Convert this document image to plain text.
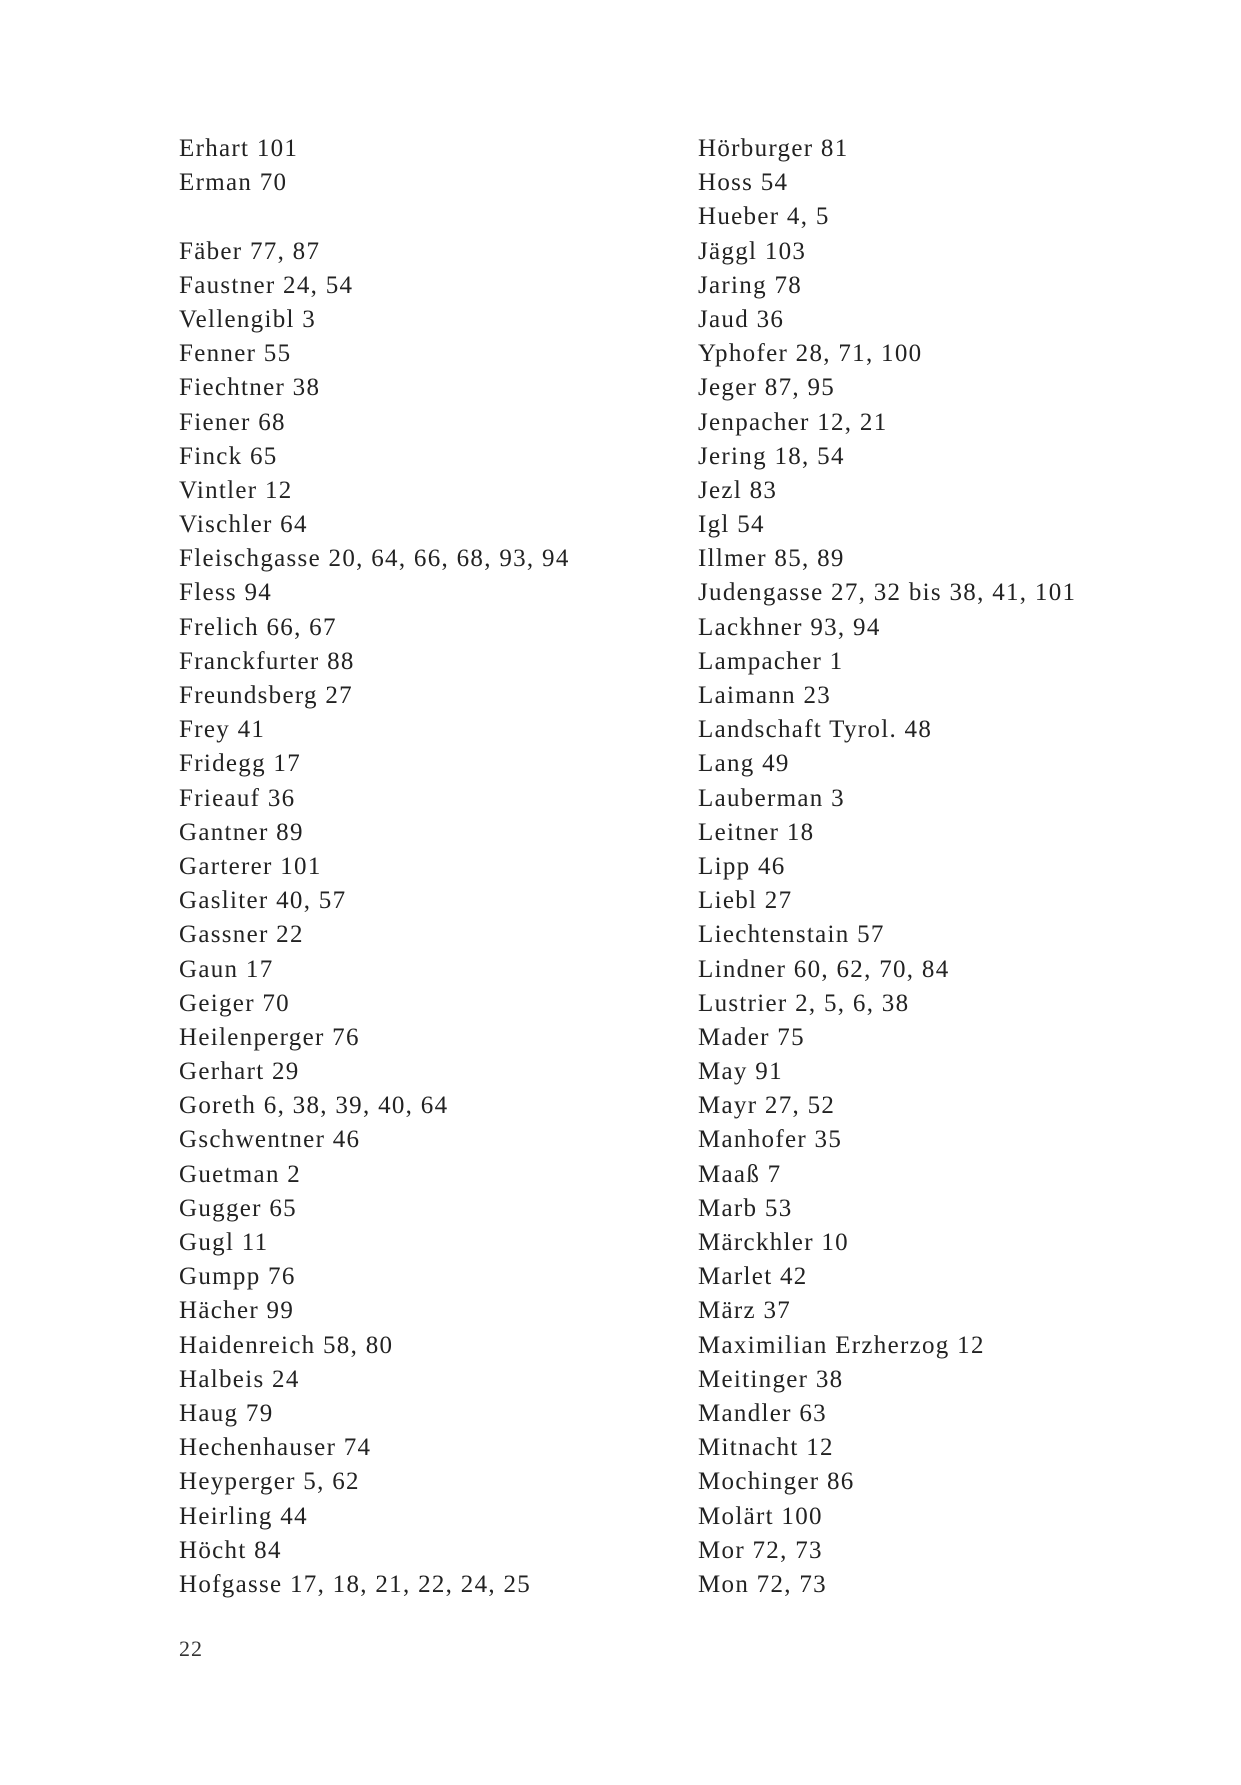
Erhart 101
Erman 70
Fäber 77, 87
Faustner 24, 54
Vellengibl 3
Fenner 55
Fiechtner 38
Fiener 68
Finck 65
Vintler 12
Vischler 64
Fleischgasse 20, 64, 66, 68, 93, 94
Fless 94
Frelich 66, 67
Franckfurter 88
Freundsberg 27
Frey 41
Fridegg 17
Frieauf 36
Gantner 89
Garterer 101
Gasliter 40, 57
Gassner 22
Gaun 17
Geiger 70
Heilenperger 76
Gerhart 29
Goreth 6, 38, 39, 40, 64
Gschwentner 46
Guetman 2
Gugger 65
Gugl 11
Gumpp 76
Hächer 99
Haidenreich 58, 80
Halbeis 24
Haug 79
Hechenhauser 74
Heyperger 5, 62
Heirling 44
Höcht 84
Hofgasse 17, 18, 21, 22, 24, 25
Hörburger 81
Hoss 54
Hueber 4, 5
Jäggl 103
Jaring 78
Jaud 36
Yphofer 28, 71, 100
Jeger 87, 95
Jenpacher 12, 21
Jering 18, 54
Jezl 83
Igl 54
Illmer 85, 89
Judengasse 27, 32 bis 38, 41, 101
Lackhner 93, 94
Lampacher 1
Laimann 23
Landschaft Tyrol. 48
Lang 49
Lauberman 3
Leitner 18
Lipp 46
Liebl 27
Liechtenstain 57
Lindner 60, 62, 70, 84
Lustrier 2, 5, 6, 38
Mader 75
May 91
Mayr 27, 52
Manhofer 35
Maaß 7
Marb 53
Märckhler 10
Marlet 42
März 37
Maximilian Erzherzog 12
Meitinger 38
Mandler 63
Mitnacht 12
Mochinger 86
Molärt 100
Mor 72, 73
Mon 72, 73
22
